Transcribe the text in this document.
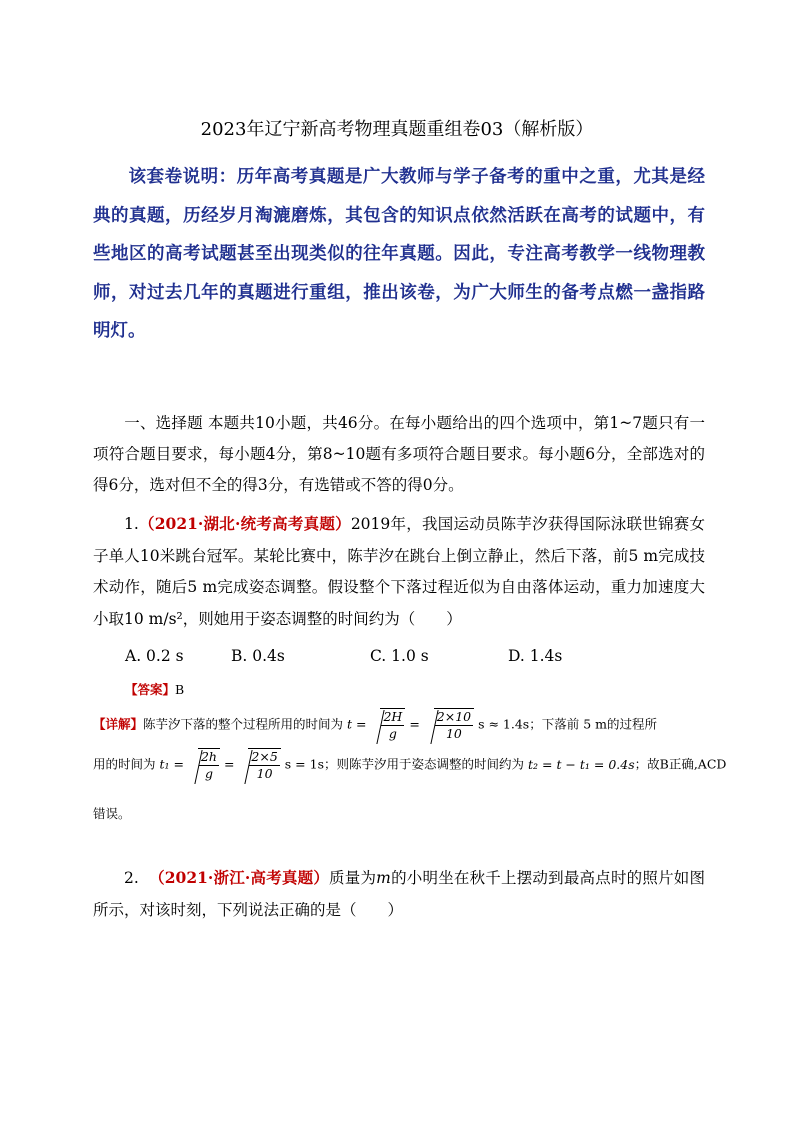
2023年辽宁新高考物理真题重组卷03（解析版）
该套卷说明：历年高考真题是广大教师与学子备考的重中之重，尤其是经典的真题，历经岁月淘漉磨炼，其包含的知识点依然活跃在高考的试题中，有些地区的高考试题甚至出现类似的往年真题。因此，专注高考教学一线物理教师，对过去几年的真题进行重组，推出该卷，为广大师生的备考点燃一盏指路明灯。
一、选择题 本题共10小题，共46分。在每小题给出的四个选项中，第1~7题只有一项符合题目要求，每小题4分，第8~10题有多项符合题目要求。每小题6分，全部选对的得6分，选对但不全的得3分，有选错或不答的得0分。
1.（2021·湖北·统考高考真题）2019年，我国运动员陈芋汐获得国际泳联世锦赛女子单人10米跳台冠军。某轮比赛中，陈芋汐在跳台上倒立静止，然后下落，前5 m完成技术动作，随后5 m完成姿态调整。假设整个下落过程近似为自由落体运动，重力加速度大小取10 m/s²，则她用于姿态调整的时间约为（　　）
A. 0.2 s	B. 0.4s	C. 1.0 s	D. 1.4s
【答案】B
【详解】陈芋汐下落的整个过程所用的时间为 $t = \frac{2H}{g} = \frac{2\times 10}{10}$ s ≈ 1.4s；下落前 5 m的过程所
用的时间为 $t_1 = \frac{2h}{g} = \frac{2\times 5}{10}$ s = 1s；则陈芋汐用于姿态调整的时间约为 t₂ = t − t₁ = 0.4s；故B正确,ACD
错误。
2. （2021·浙江·高考真题）质量为m的小明坐在秋千上摆动到最高点时的照片如图所示，对该时刻，下列说法正确的是（　　）
